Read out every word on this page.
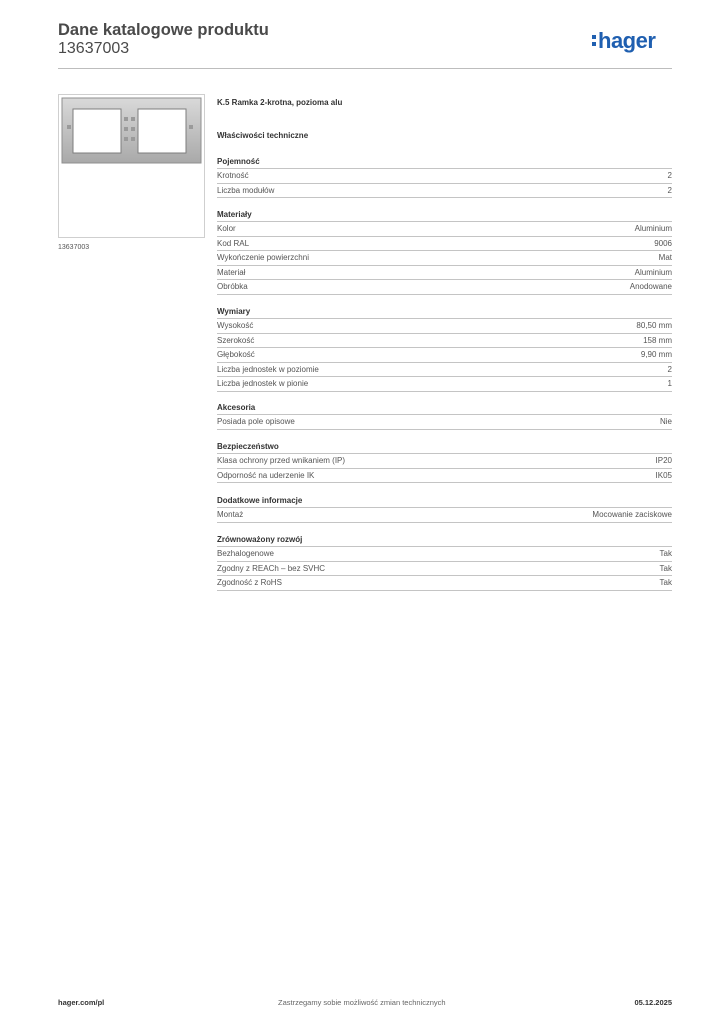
Dane katalogowe produktu
13637003	hager
13637003
K.5 Ramka 2-krotna, pozioma alu
Właściwości techniczne
Pojemność
Krotność	2
Liczba modułów	2
Materiały
Kolor	Aluminium
Kod RAL	9006
Wykończenie powierzchni	Mat
Materiał	Aluminium
Obróbka	Anodowane
Wymiary
Wysokość	80,50 mm
Szerokość	158 mm
Głębokość	9,90 mm
Liczba jednostek w poziomie	2
Liczba jednostek w pionie	1
Akcesoria
Posiada pole opisowe	Nie
Bezpieczeństwo
Klasa ochrony przed wnikaniem (IP)	IP20
Odporność na uderzenie IK	IK05
Dodatkowe informacje
Montaż	Mocowanie zaciskowe
Zrównoważony rozwój
Bezhalogenowe	Tak
Zgodny z REACh – bez SVHC	Tak
Zgodność z RoHS	Tak
hager.com/pl	Zastrzegamy sobie możliwość zmian technicznych	05.12.2025
